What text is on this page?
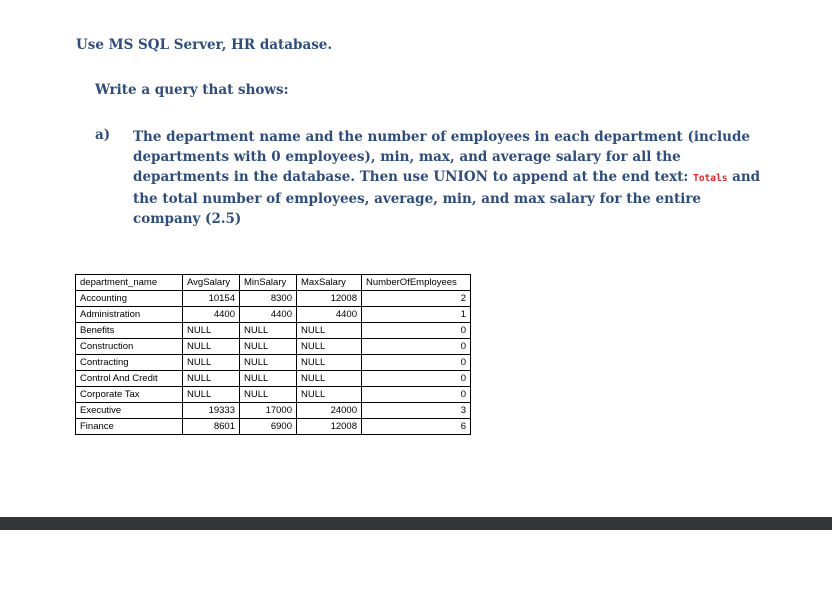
Use MS SQL Server, HR database.

Write a query that shows:

a) The department name and the number of employees in each department (include departments with 0 employees), min, max, and average salary for all the departments in the database. Then use UNION to append at the end text: Totals and the total number of employees, average, min, and max salary for the entire company (2.5)
department_name	AvgSalary	MinSalary	MaxSalary	NumberOfEmployees
Accounting	10154	8300	12008	2
Administration	4400	4400	4400	1
Benefits	NULL	NULL	NULL	0
Construction	NULL	NULL	NULL	0
Contracting	NULL	NULL	NULL	0
Control And Credit	NULL	NULL	NULL	0
Corporate Tax	NULL	NULL	NULL	0
Executive	19333	17000	24000	3
Finance	8601	6900	12008	6
